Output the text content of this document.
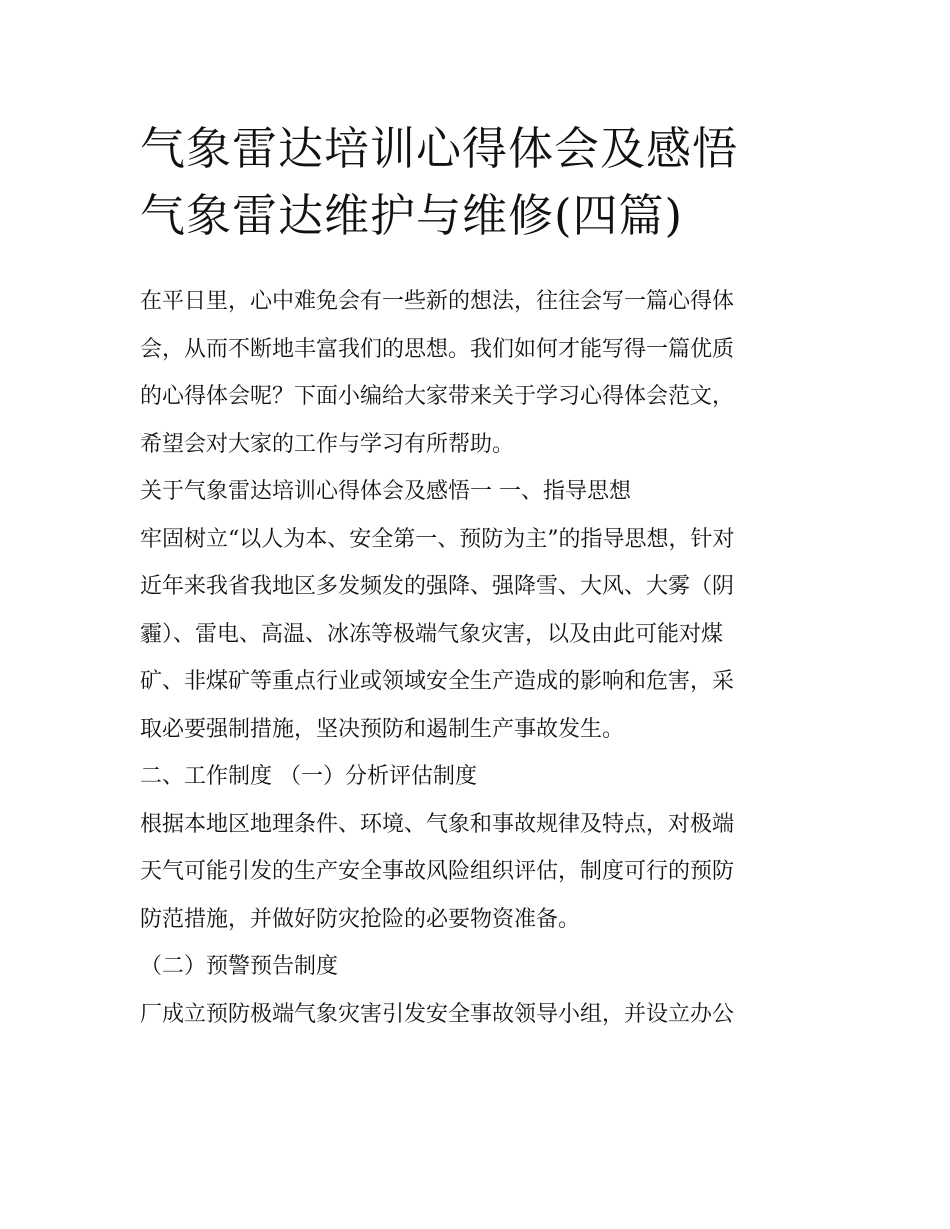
气象雷达培训心得体会及感悟
气象雷达维护与维修(四篇)
在平日里，心中难免会有一些新的想法，往往会写一篇心得体
会，从而不断地丰富我们的思想。我们如何才能写得一篇优质
的心得体会呢？下面小编给大家带来关于学习心得体会范文，
希望会对大家的工作与学习有所帮助。
关于气象雷达培训心得体会及感悟一 一、指导思想
牢固树立“以人为本、安全第一、预防为主”的指导思想，针对
近年来我省我地区多发频发的强降、强降雪、大风、大雾（阴
霾）、雷电、高温、冰冻等极端气象灾害，以及由此可能对煤
矿、非煤矿等重点行业或领域安全生产造成的影响和危害，采
取必要强制措施，坚决预防和遏制生产事故发生。
二、工作制度 （一）分析评估制度
根据本地区地理条件、环境、气象和事故规律及特点，对极端
天气可能引发的生产安全事故风险组织评估，制度可行的预防
防范措施，并做好防灾抢险的必要物资准备。
（二）预警预告制度
厂成立预防极端气象灾害引发安全事故领导小组，并设立办公
